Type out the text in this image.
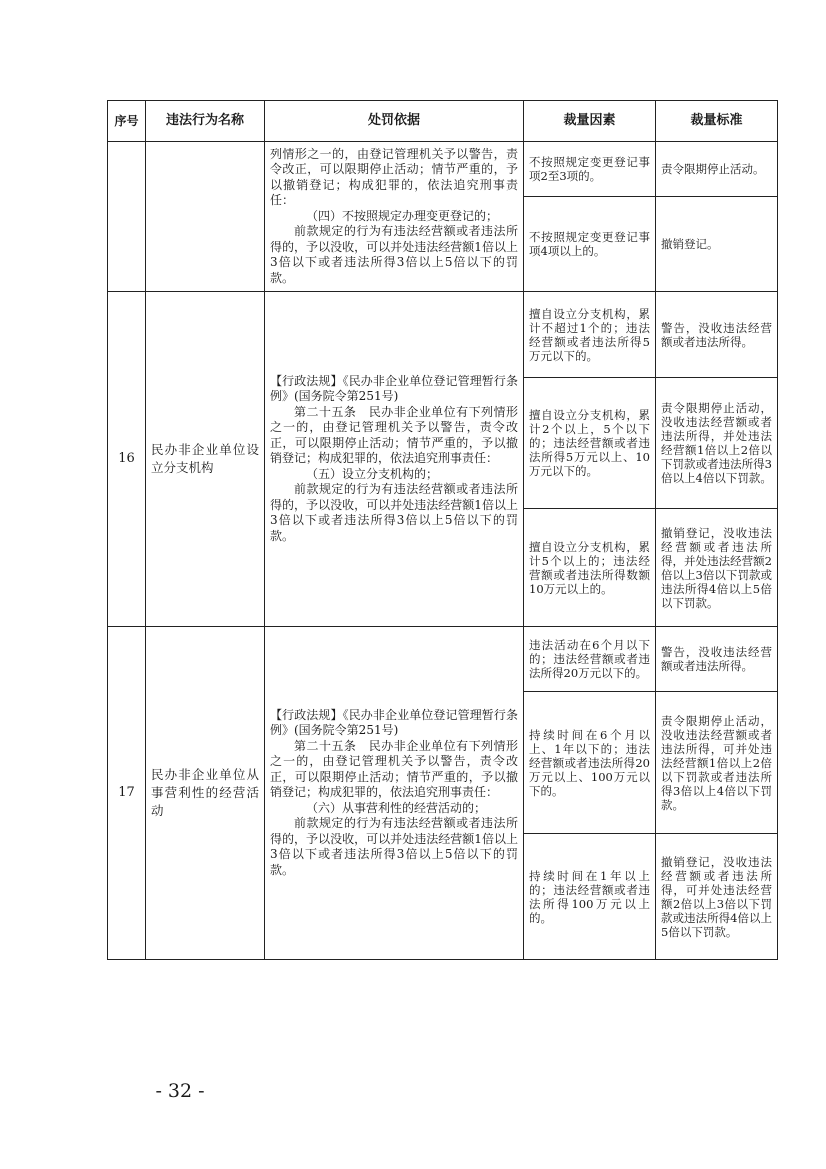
序号	违法行为名称	处罚依据	裁量因素	裁量标准

		列情形之一的，由登记管理机关予以警告，责令改正，可以限期停止活动；情节严重的，予以撤销登记；构成犯罪的，依法追究刑事责任：

（四）不按照规定办理变更登记的；

前款规定的行为有违法经营额或者违法所得的，予以没收，可以并处违法经营额1倍以上3倍以下或者违法所得3倍以上5倍以下的罚款。	不按照规定变更登记事项2至3项的。	责令限期停止活动。
			不按照规定变更登记事项4项以上的。	撤销登记。
16	民办非企业单位设立分支机构	【行政法规】《民办非企业单位登记管理暂行条例》(国务院令第251号)

第二十五条　民办非企业单位有下列情形之一的，由登记管理机关予以警告，责令改正，可以限期停止活动；情节严重的，予以撤销登记；构成犯罪的，依法追究刑事责任：

（五）设立分支机构的；

前款规定的行为有违法经营额或者违法所得的，予以没收，可以并处违法经营额1倍以上3倍以下或者违法所得3倍以上5倍以下的罚款。	擅自设立分支机构，累计不超过1个的；违法经营额或者违法所得5万元以下的。	警告，没收违法经营额或者违法所得。
			擅自设立分支机构，累计2个以上，5个以下的；违法经营额或者违法所得5万元以上、10万元以下的。	责令限期停止活动，没收违法经营额或者违法所得，并处违法经营额1倍以上2倍以下罚款或者违法所得3倍以上4倍以下罚款。
			擅自设立分支机构，累计5个以上的；违法经营额或者违法所得数额10万元以上的。	撤销登记，没收违法经营额或者违法所得，并处违法经营额2倍以上3倍以下罚款或违法所得4倍以上5倍以下罚款。
17	民办非企业单位从事营利性的经营活动	【行政法规】《民办非企业单位登记管理暂行条例》(国务院令第251号)

第二十五条　民办非企业单位有下列情形之一的，由登记管理机关予以警告，责令改正，可以限期停止活动；情节严重的，予以撤销登记；构成犯罪的，依法追究刑事责任：

（六）从事营利性的经营活动的；

前款规定的行为有违法经营额或者违法所得的，予以没收，可以并处违法经营额1倍以上3倍以下或者违法所得3倍以上5倍以下的罚款。	违法活动在6个月以下的；违法经营额或者违法所得20万元以下的。	警告，没收违法经营额或者违法所得。
			持续时间在6个月以上、1年以下的；违法经营额或者违法所得20万元以上、100万元以下的。	责令限期停止活动，没收违法经营额或者违法所得，可并处违法经营额1倍以上2倍以下罚款或者违法所得3倍以上4倍以下罚款。
			持续时间在1年以上的；违法经营额或者违法所得100万元以上的。	撤销登记，没收违法经营额或者违法所得，可并处违法经营额2倍以上3倍以下罚款或违法所得4倍以上5倍以下罚款。
- 32 -
